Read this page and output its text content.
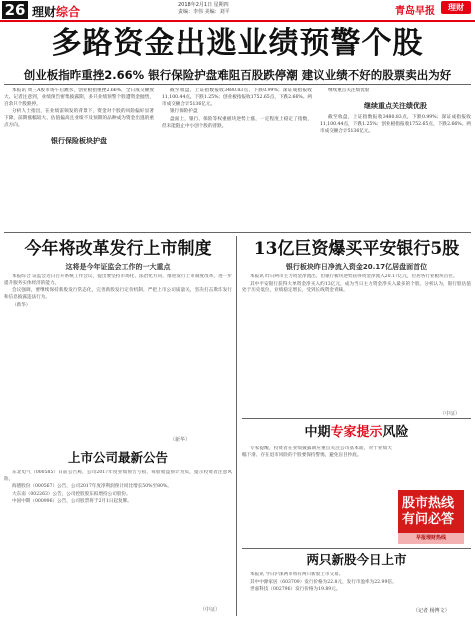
26 理财综合	2018年2月1日 星期四
责编：李伟 美编：刘平	青岛早报	理财
多路资金出逃业绩预警个股
创业板指昨重挫2.66% 银行保险护盘难阻百股跌停潮 建议业绩不好的股票卖出为好

本报讯 周三A股市场午后跳水，创业板指重挫2.66%，全日成交额放大。记者注意到，业绩预告密集披露期，多只业绩预警个股遭资金抛售，百余只个股跌停。

分析人士指出，在业绩雷频发的背景下，资金对个股的风险偏好显著下降，前期涨幅较大、估值偏高且业绩不及预期的品种成为资金出逃的重点方向。

银行保险板块护盘

截至收盘，上证指数报收3480.83点，下跌0.99%；深证成指报收11,100.44点，下跌1.25%；创业板指报收1752.65点，下跌2.66%。两市成交额合计5136亿元。

银行保险护盘

盘面上，银行、保险等权重板块逆势上涨，一定程度上稳定了指数，但未能阻止中小创个股的普跌。

继续重点关注绩优股

继续重点关注绩优股

截至收盘，上证指数报收3480.83点，下跌0.99%；深证成指报收11,100.44点，下跌1.25%；创业板指报收1752.65点，下跌2.66%。两市成交额合计5136亿元。

今年将改革发行上市制度
这将是今年证监会工作的一大重点

本报综合 证监会近日召开系统工作会议，提出要坚持市场化、法治化方向，推进发行上市制度改革，进一步提升服务实体经济的能力。

会议强调，要继续保持新股发行常态化，完善新股发行定价机制，严把上市公司质量关，坚决打击欺诈发行和信息披露违法行为。

（新华）

（新华）
13亿巨资爆买平安银行5股
银行板块昨日净流入资金20.17亿居盘面首位

本报讯 昨日两市主力资金净流出，但银行板块逆势获得资金净流入20.17亿元，位居各行业板块首位。

其中平安银行获得大单资金净买入约13亿元，成为当日主力资金净买入最多的个股。分析认为，银行股估值处于历史低位，业绩稳定增长，受到长线资金青睐。

（中证）
上市公司最新公告

东北电气（000585）日前公告称，公司2017年度业绩预告亏损，每股收益预计为负，提示投资者注意风险。

海德股份（000567）公告，公司2017年度净利润预计同比增长50%至80%。

大东南（002263）公告，公司控股股东拟增持公司股份。

中国中期（000996）公告，公司股票将于2月1日起复牌。

（中证）
中期专家提示风险

专家提醒，投资者在业绩披露期应重点关注公司基本面，对于业绩大幅下滑、存在退市风险的个股要保持警惕，避免盲目抄底。

股市热线 有问必答
早报理财热线
两只新股今日上市

本报讯 今日沪深两市将有两只新股上市交易。

其中中源家居（603709）发行价格为22.8元，发行市盈率为22.99倍。

世嘉科技（002796）发行价格为19.89元。

（记者 杨博文）
